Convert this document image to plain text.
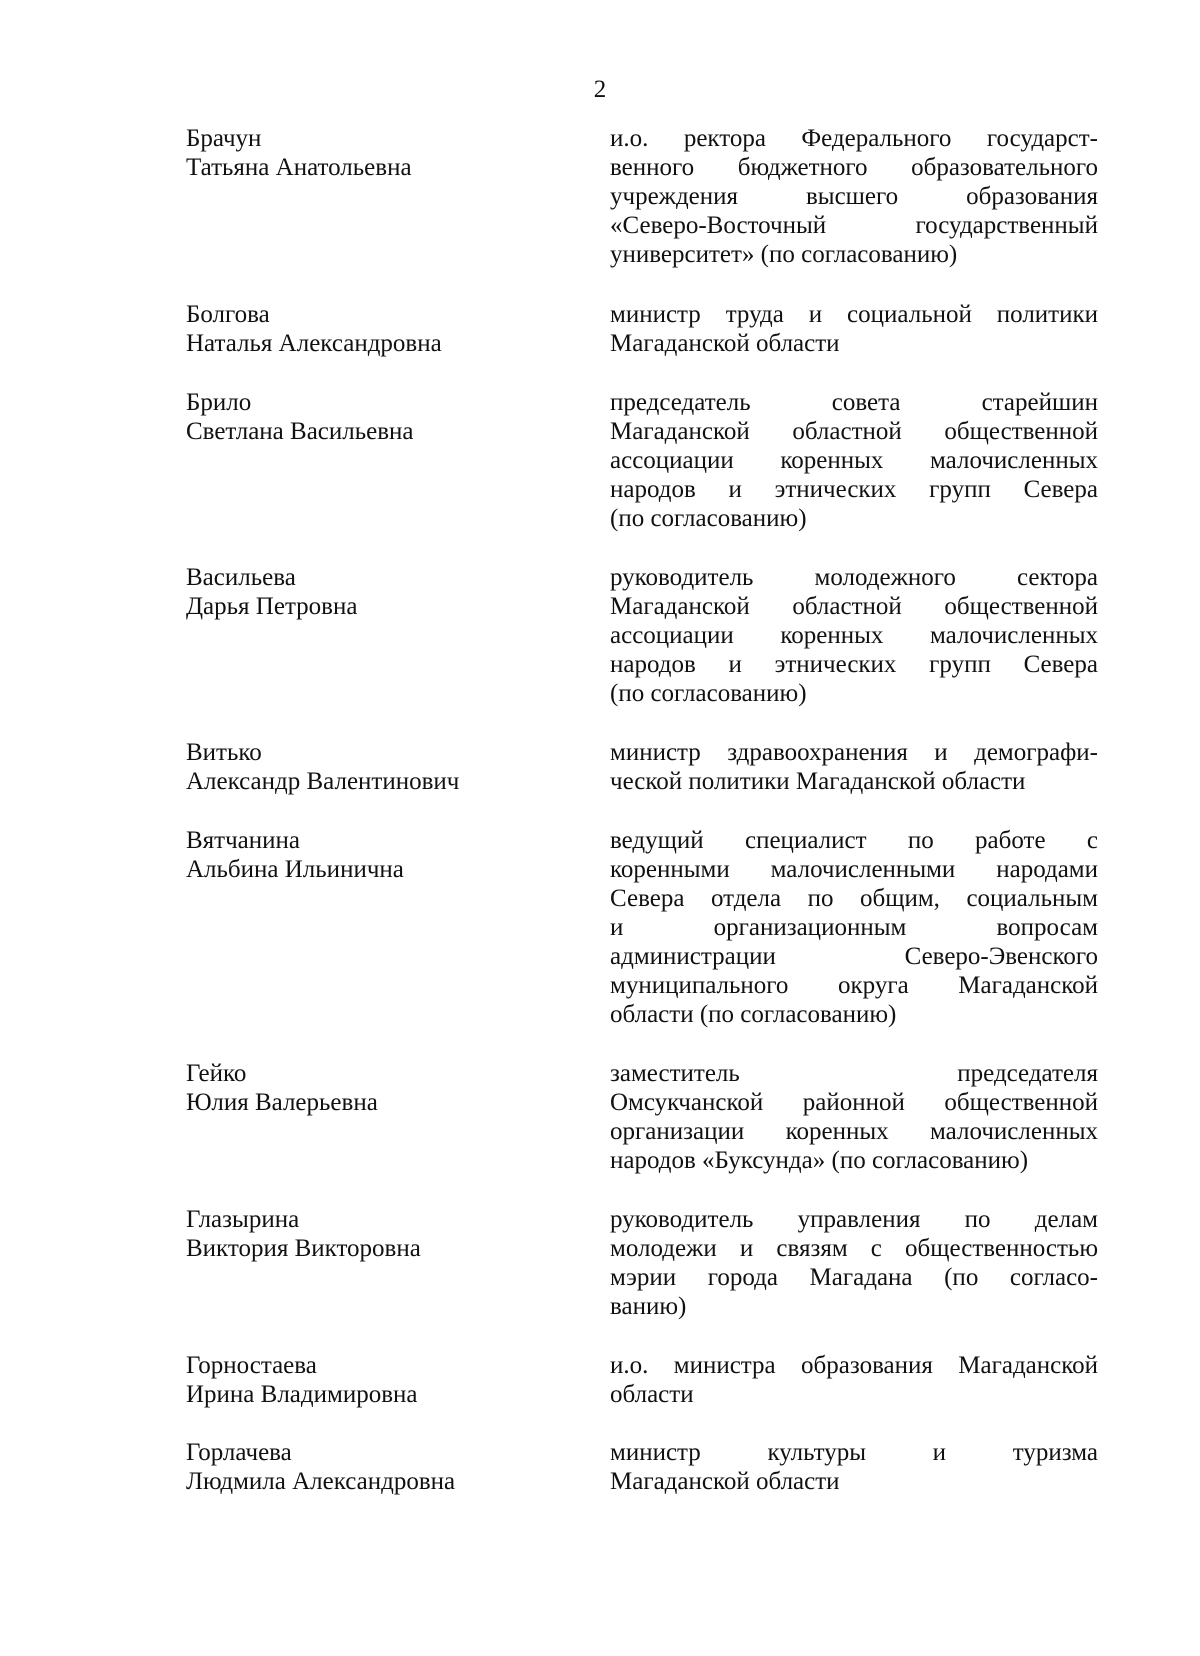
2
Брачун
Татьяна Анатольевна
и.о. ректора Федерального государст-
венного бюджетного образовательного
учреждения высшего образования
«Северо-Восточный государственный
университет» (по согласованию)
Болгова
Наталья Александровна
министр труда и социальной политики
Магаданской области
Брило
Светлана Васильевна
председатель совета старейшин
Магаданской областной общественной
ассоциации коренных малочисленных
народов и этнических групп Севера
(по согласованию)
Васильева
Дарья Петровна
руководитель молодежного сектора
Магаданской областной общественной
ассоциации коренных малочисленных
народов и этнических групп Севера
(по согласованию)
Витько
Александр Валентинович
министр здравоохранения и демографи-
ческой политики Магаданской области
Вятчанина
Альбина Ильинична
ведущий специалист по работе с
коренными малочисленными народами
Севера отдела по общим, социальным
и организационным вопросам
администрации Северо-Эвенского
муниципального округа Магаданской
области (по согласованию)
Гейко
Юлия Валерьевна
заместитель председателя
Омсукчанской районной общественной
организации коренных малочисленных
народов «Буксунда» (по согласованию)
Глазырина
Виктория Викторовна
руководитель управления по делам
молодежи и связям с общественностью
мэрии города Магадана (по согласо-
ванию)
Горностаева
Ирина Владимировна
и.о. министра образования Магаданской
области
Горлачева
Людмила Александровна
министр культуры и туризма
Магаданской области
